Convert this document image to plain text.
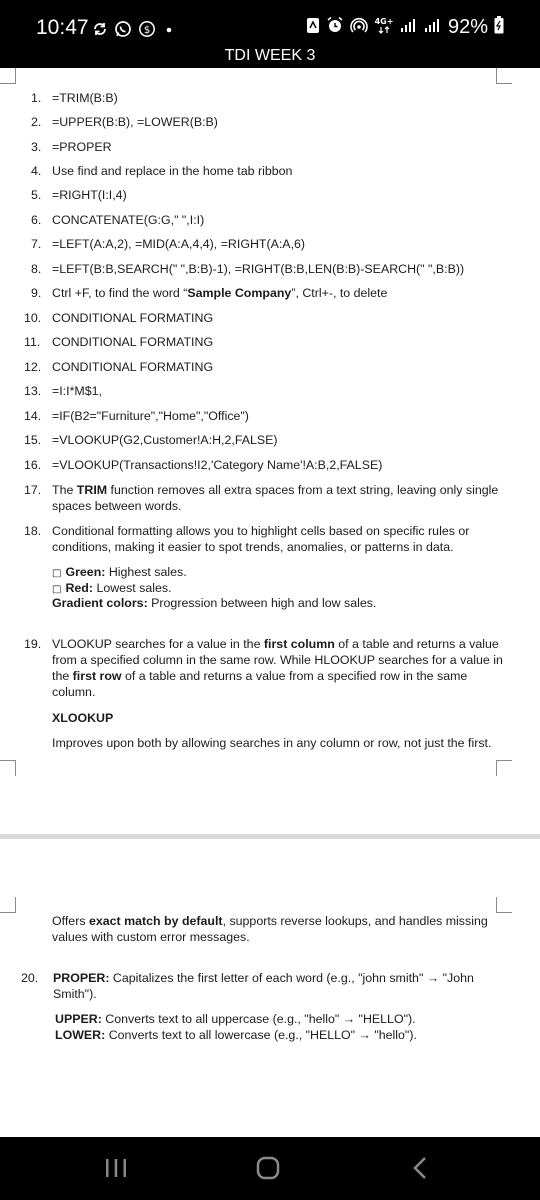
10:47	$
4G+	92%
TDI WEEK 3
1. =TRIM(B:B)
2. =UPPER(B:B), =LOWER(B:B)
3. =PROPER
4. Use find and replace in the home tab ribbon
5. =RIGHT(I:I,4)
6. CONCATENATE(G:G," ",I:I)
7. =LEFT(A:A,2), =MID(A:A,4,4), =RIGHT(A:A,6)
8. =LEFT(B:B,SEARCH(" ",B:B)-1), =RIGHT(B:B,LEN(B:B)-SEARCH(" ",B:B))
9. Ctrl +F, to find the word “Sample Company”, Ctrl+-, to delete
10. CONDITIONAL FORMATING
11. CONDITIONAL FORMATING
12. CONDITIONAL FORMATING
13. =I:I*M$1,
14. =IF(B2="Furniture","Home","Office")
15. =VLOOKUP(G2,Customer!A:H,2,FALSE)
16. =VLOOKUP(Transactions!I2,'Category Name'!A:B,2,FALSE)
17. The TRIM function removes all extra spaces from a text string, leaving only single spaces between words.
18. Conditional formatting allows you to highlight cells based on specific rules or conditions, making it easier to spot trends, anomalies, or patterns in data.
□ Green: Highest sales.
□ Red: Lowest sales.
Gradient colors: Progression between high and low sales.
19. VLOOKUP searches for a value in the first column of a table and returns a value from a specified column in the same row. While HLOOKUP searches for a value in the first row of a table and returns a value from a specified row in the same column.
XLOOKUP
Improves upon both by allowing searches in any column or row, not just the first.
Offers exact match by default, supports reverse lookups, and handles missing values with custom error messages.
20.	PROPER: Capitalizes the first letter of each word (e.g., "john smith" → "John Smith").
UPPER: Converts text to all uppercase (e.g., "hello" → "HELLO").
LOWER: Converts text to all lowercase (e.g., "HELLO" → "hello").
